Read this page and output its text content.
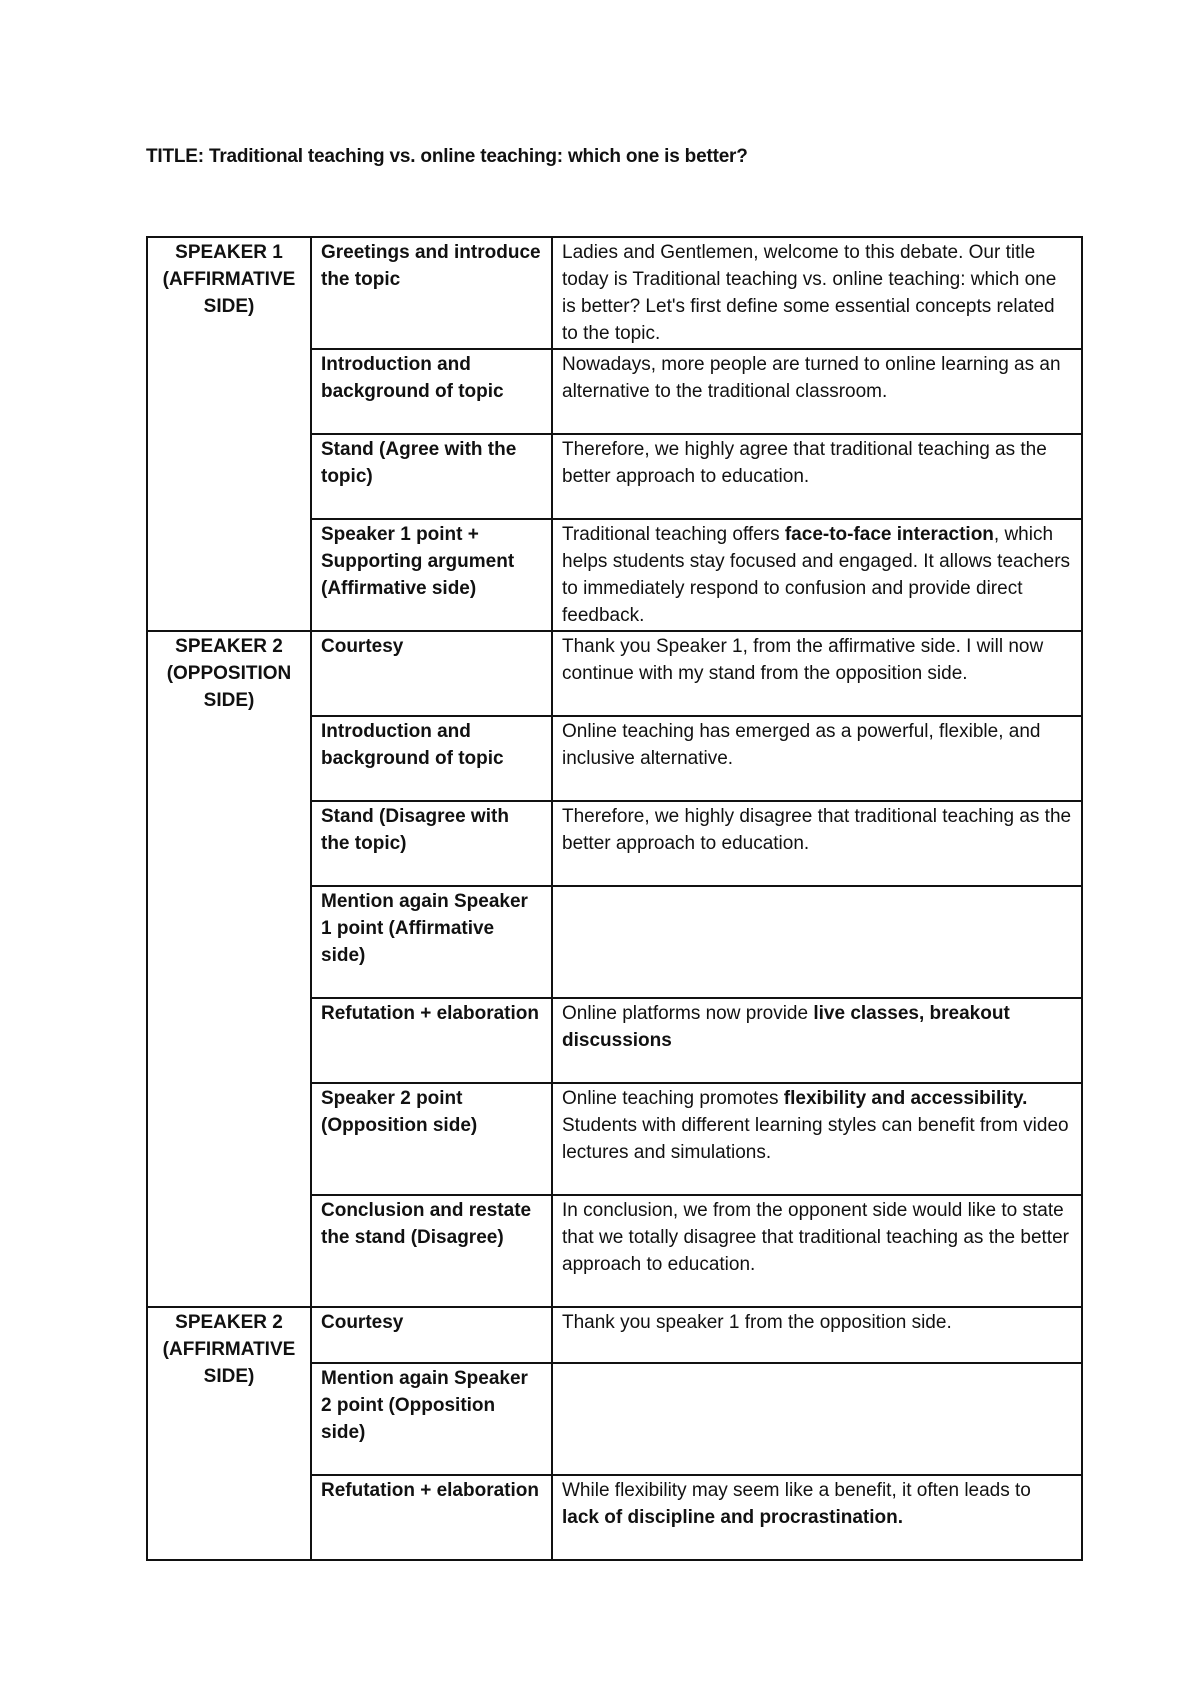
TITLE: Traditional teaching vs. online teaching: which one is better?
SPEAKER 1
(AFFIRMATIVE
SIDE)	Greetings and introduce the topic	Ladies and Gentlemen, welcome to this debate. Our title today is Traditional teaching vs. online teaching: which one is better? Let's first define some essential concepts related to the topic.
	Introduction and background of topic	Nowadays, more people are turned to online learning as an alternative to the traditional classroom.
	Stand (Agree with the topic)	Therefore, we highly agree that traditional teaching as the better approach to education.
	Speaker 1 point + Supporting argument (Affirmative side)	Traditional teaching offers face-to-face interaction, which helps students stay focused and engaged. It allows teachers to immediately respond to confusion and provide direct feedback.

SPEAKER 2
(OPPOSITION
SIDE)	Courtesy	Thank you Speaker 1, from the affirmative side. I will now continue with my stand from the opposition side.
	Introduction and background of topic	Online teaching has emerged as a powerful, flexible, and inclusive alternative.
	Stand (Disagree with the topic)	Therefore, we highly disagree that traditional teaching as the better approach to education.
	Mention again Speaker 1 point (Affirmative side)	
	Refutation + elaboration	Online platforms now provide live classes, breakout discussions
	Speaker 2 point (Opposition side)	Online teaching promotes flexibility and accessibility. Students with different learning styles can benefit from video lectures and simulations.
	Conclusion and restate the stand (Disagree)	In conclusion, we from the opponent side would like to state that we totally disagree that traditional teaching as the better approach to education.

SPEAKER 2
(AFFIRMATIVE
SIDE)	Courtesy	Thank you speaker 1 from the opposition side.
	Mention again Speaker 2 point (Opposition side)	
	Refutation + elaboration	While flexibility may seem like a benefit, it often leads to lack of discipline and procrastination.
